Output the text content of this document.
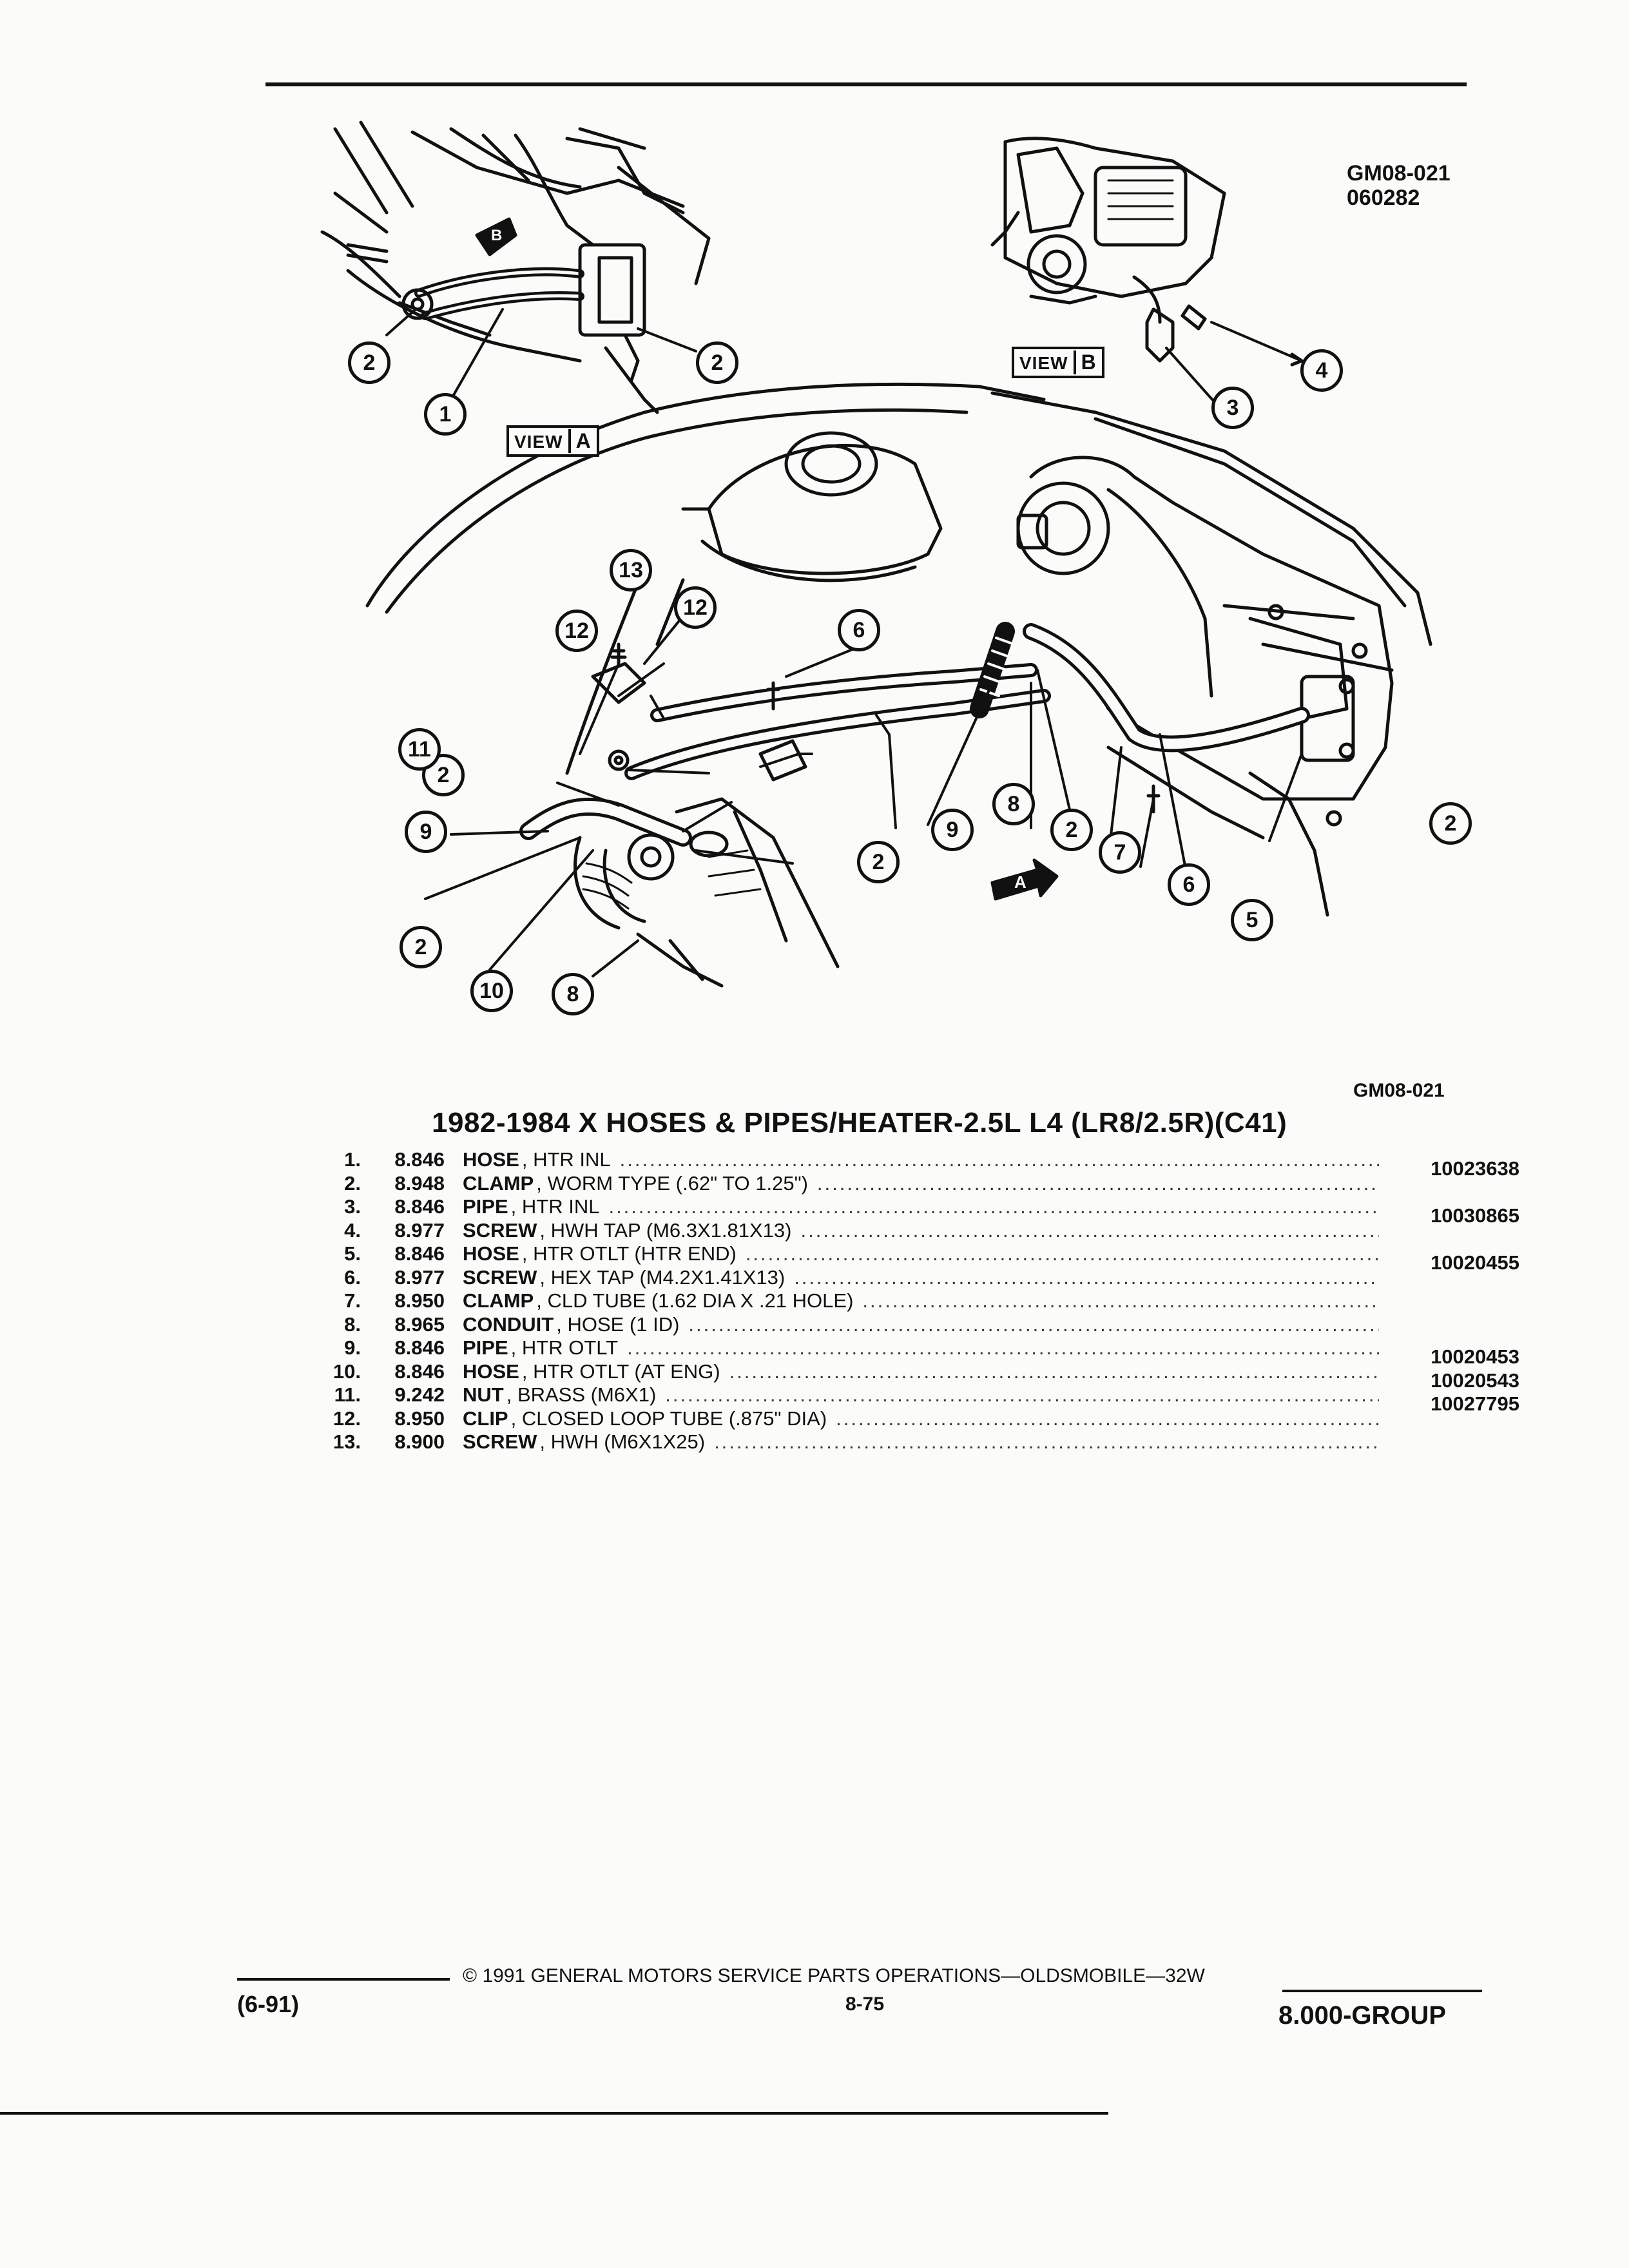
GM08-021
060282
GM08-021
VIEW A
VIEW B
A
B
1
2	2
2
2
2	2
2
3
4
5
6
6
7
8
8
9	9
10
11
12
12
13
1982-1984 X HOSES & PIPES/HEATER-2.5L L4 (LR8/2.5R)(C41)
1.	8.846 HOSE , HTR INL .....	10023638
2.	8.948 CLAMP , WORM TYPE (.62" TO 1.25")
.....
3.	8.846 PIPE , HTR INL .....	10030865
4.	8.977 SCREW , HWH TAP (M6.3X1.81X13)
.....
5.	8.846 HOSE , HTR OTLT (HTR END) .....	10020455
6.	8.977 SCREW , HEX TAP (M4.2X1.41X13)
.....
7.	8.950 CLAMP , CLD TUBE (1.62 DIA X .21 HOLE)
.....
8.	8.965 CONDUIT , HOSE (1 ID)
.....
9.	8.846 PIPE , HTR OTLT .....	10020453
10.	8.846 HOSE , HTR OTLT (AT ENG) .....	10020543
11.	9.242 NUT , BRASS (M6X1) .....	10027795
12.	8.950 CLIP , CLOSED LOOP TUBE (.875" DIA)
.....
13.	8.900 SCREW , HWH (M6X1X25)
.....
© 1991 GENERAL MOTORS SERVICE PARTS OPERATIONS—OLDSMOBILE—32W
(6-91)	8-75	8.000-GROUP
